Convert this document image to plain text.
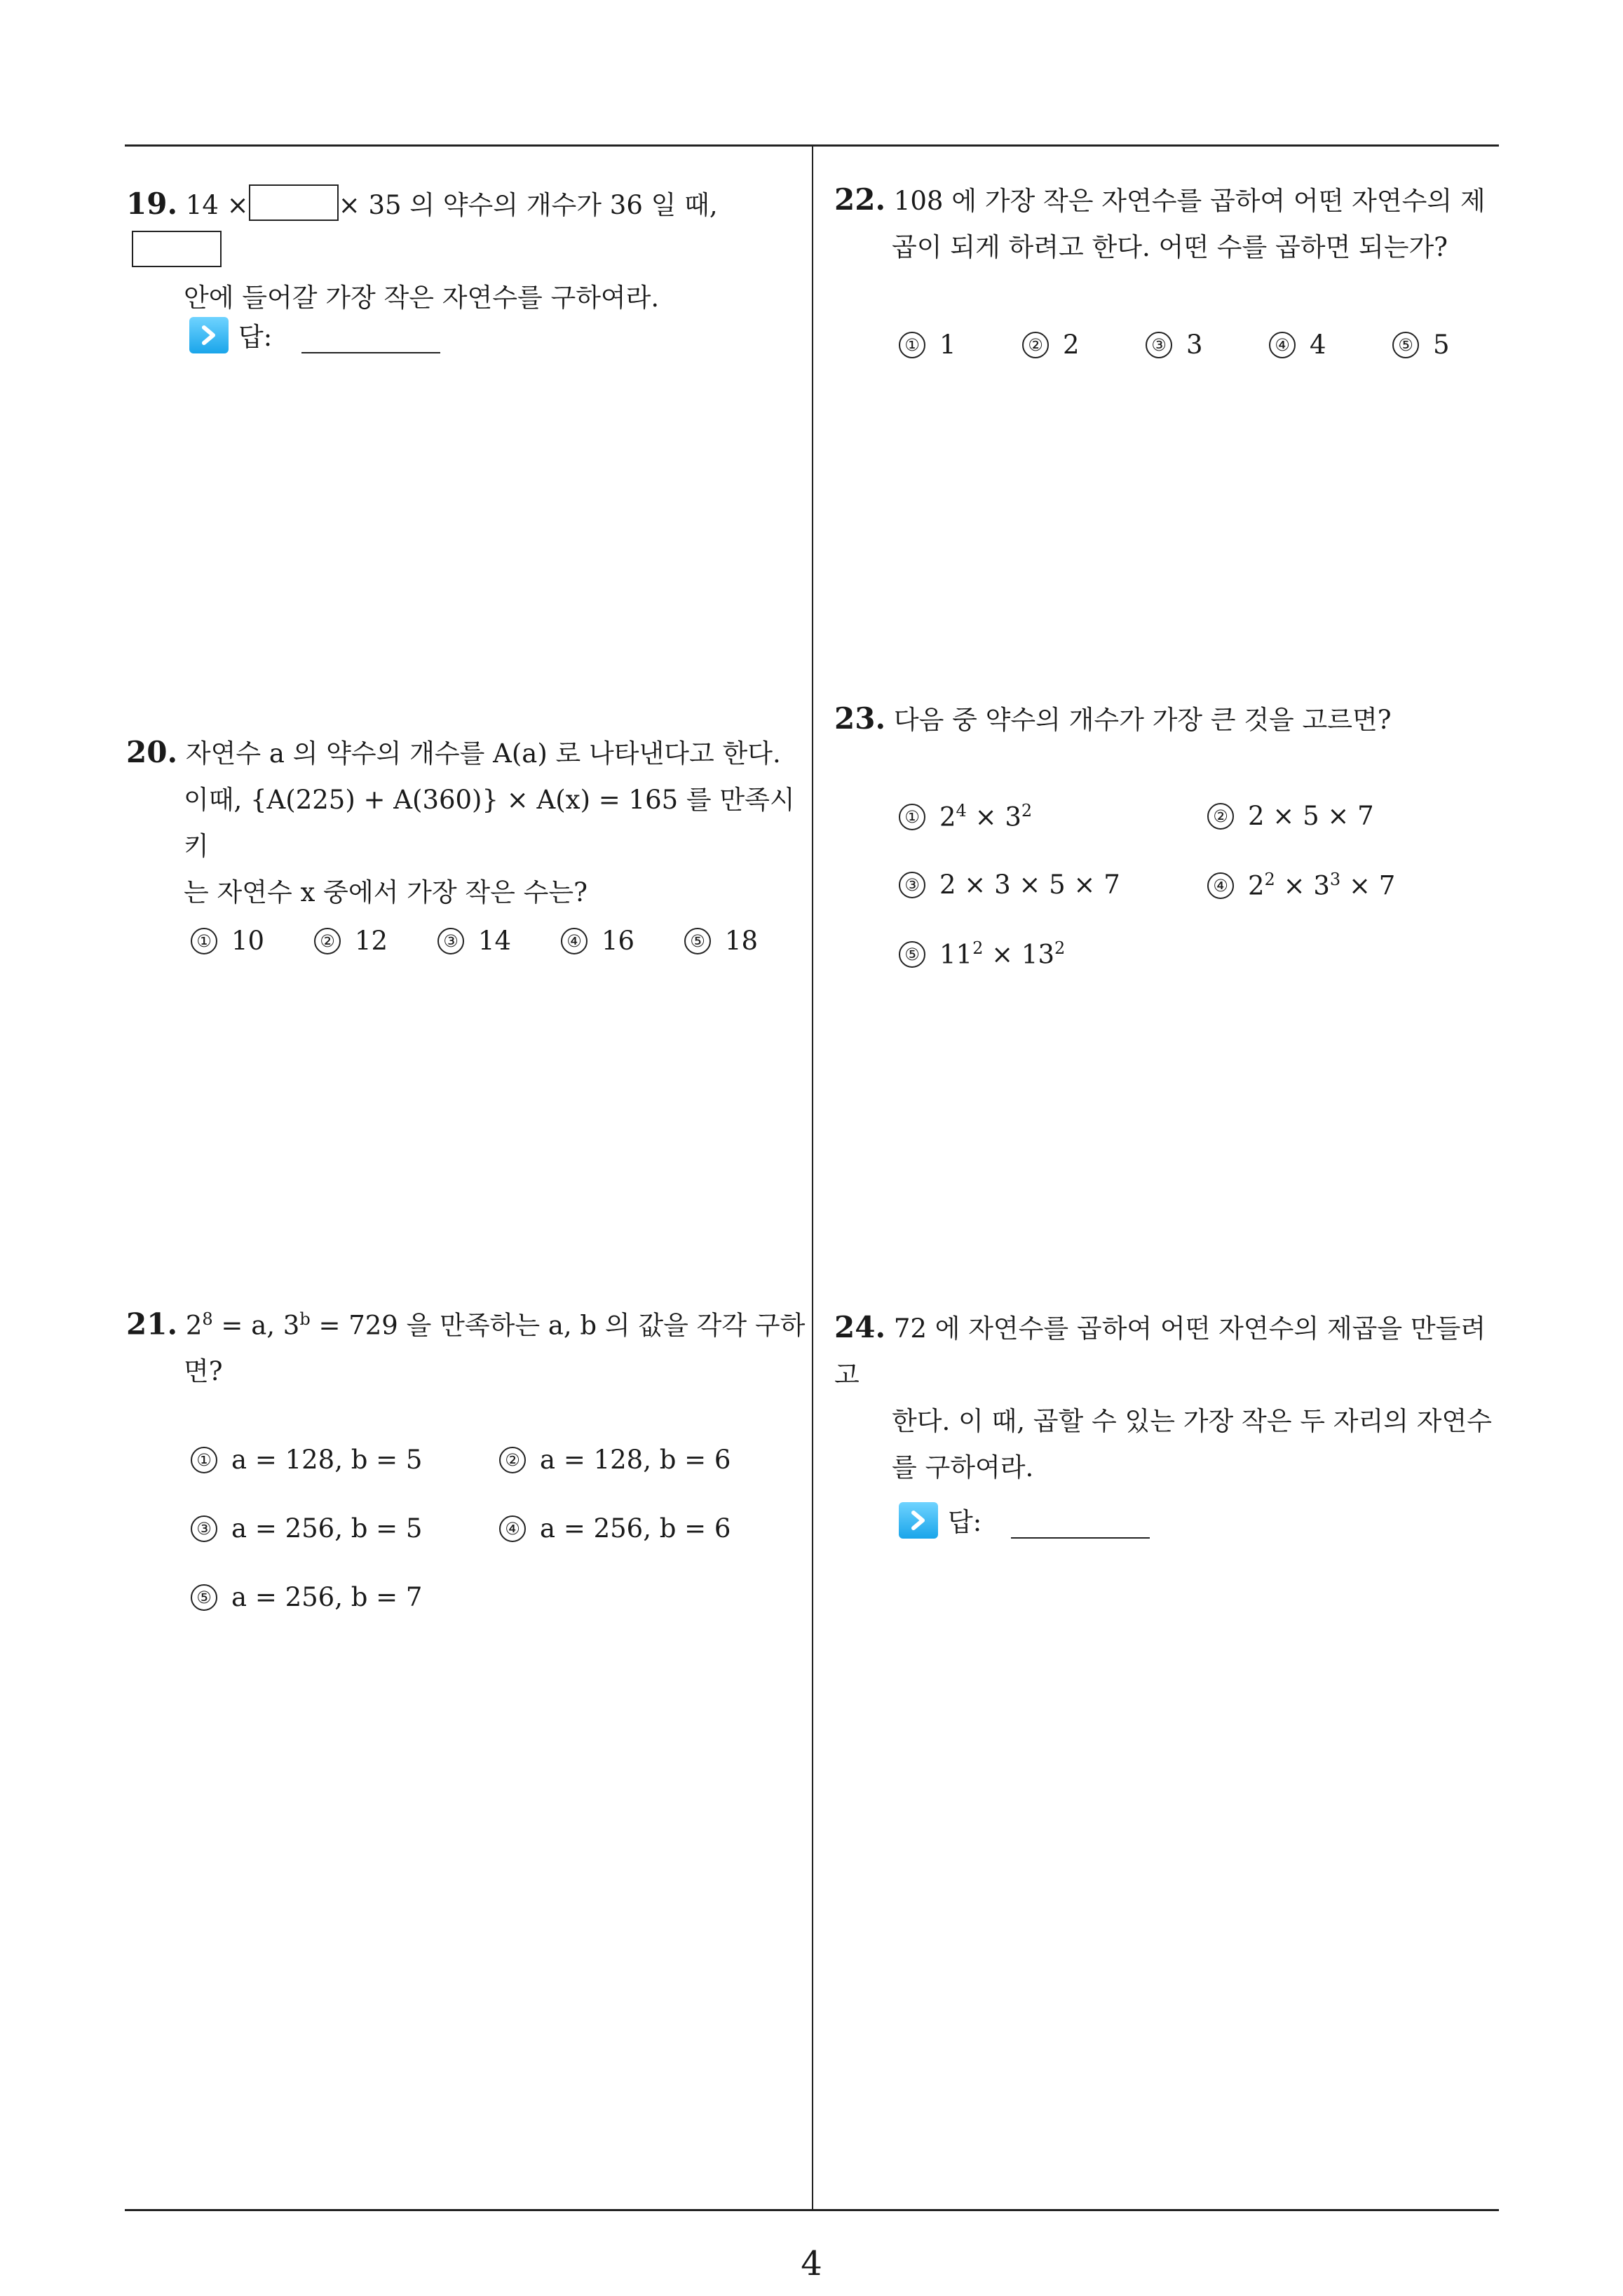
19. 14 ×	× 35 의 약수의 개수가 36 일 때,
안에 들어갈 가장 작은 자연수를 구하여라.
답:
20. 자연수 a 의 약수의 개수를 A(a) 로 나타낸다고 한다.
이때, {A(225) + A(360)} × A(x) = 165 를 만족시키
는 자연수 x 중에서 가장 작은 수는?
① 10	② 12	③ 14	④ 16	⑤ 18
21. $2^8 = a$, $3^b = 729$ 을 만족하는 a, b 의 값을 각각 구하
면?
① a = 128, b = 5	② a = 128, b = 6
③ a = 256, b = 5	④ a = 256, b = 6
⑤ a = 256, b = 7
22. 108 에 가장 작은 자연수를 곱하여 어떤 자연수의 제
곱이 되게 하려고 한다. 어떤 수를 곱하면 되는가?
① 1	② 2	③ 3	④ 4	⑤ 5
23. 다음 중 약수의 개수가 가장 큰 것을 고르면?
① $2^4 \times 3^2$	② 2 × 5 × 7
③ 2 × 3 × 5 × 7	④ $2^2 \times 3^3 \times 7$
⑤ $11^2 \times 13^2$
24. 72 에 자연수를 곱하여 어떤 자연수의 제곱을 만들려고
한다. 이 때, 곱할 수 있는 가장 작은 두 자리의 자연수
를 구하여라.
답:
4
